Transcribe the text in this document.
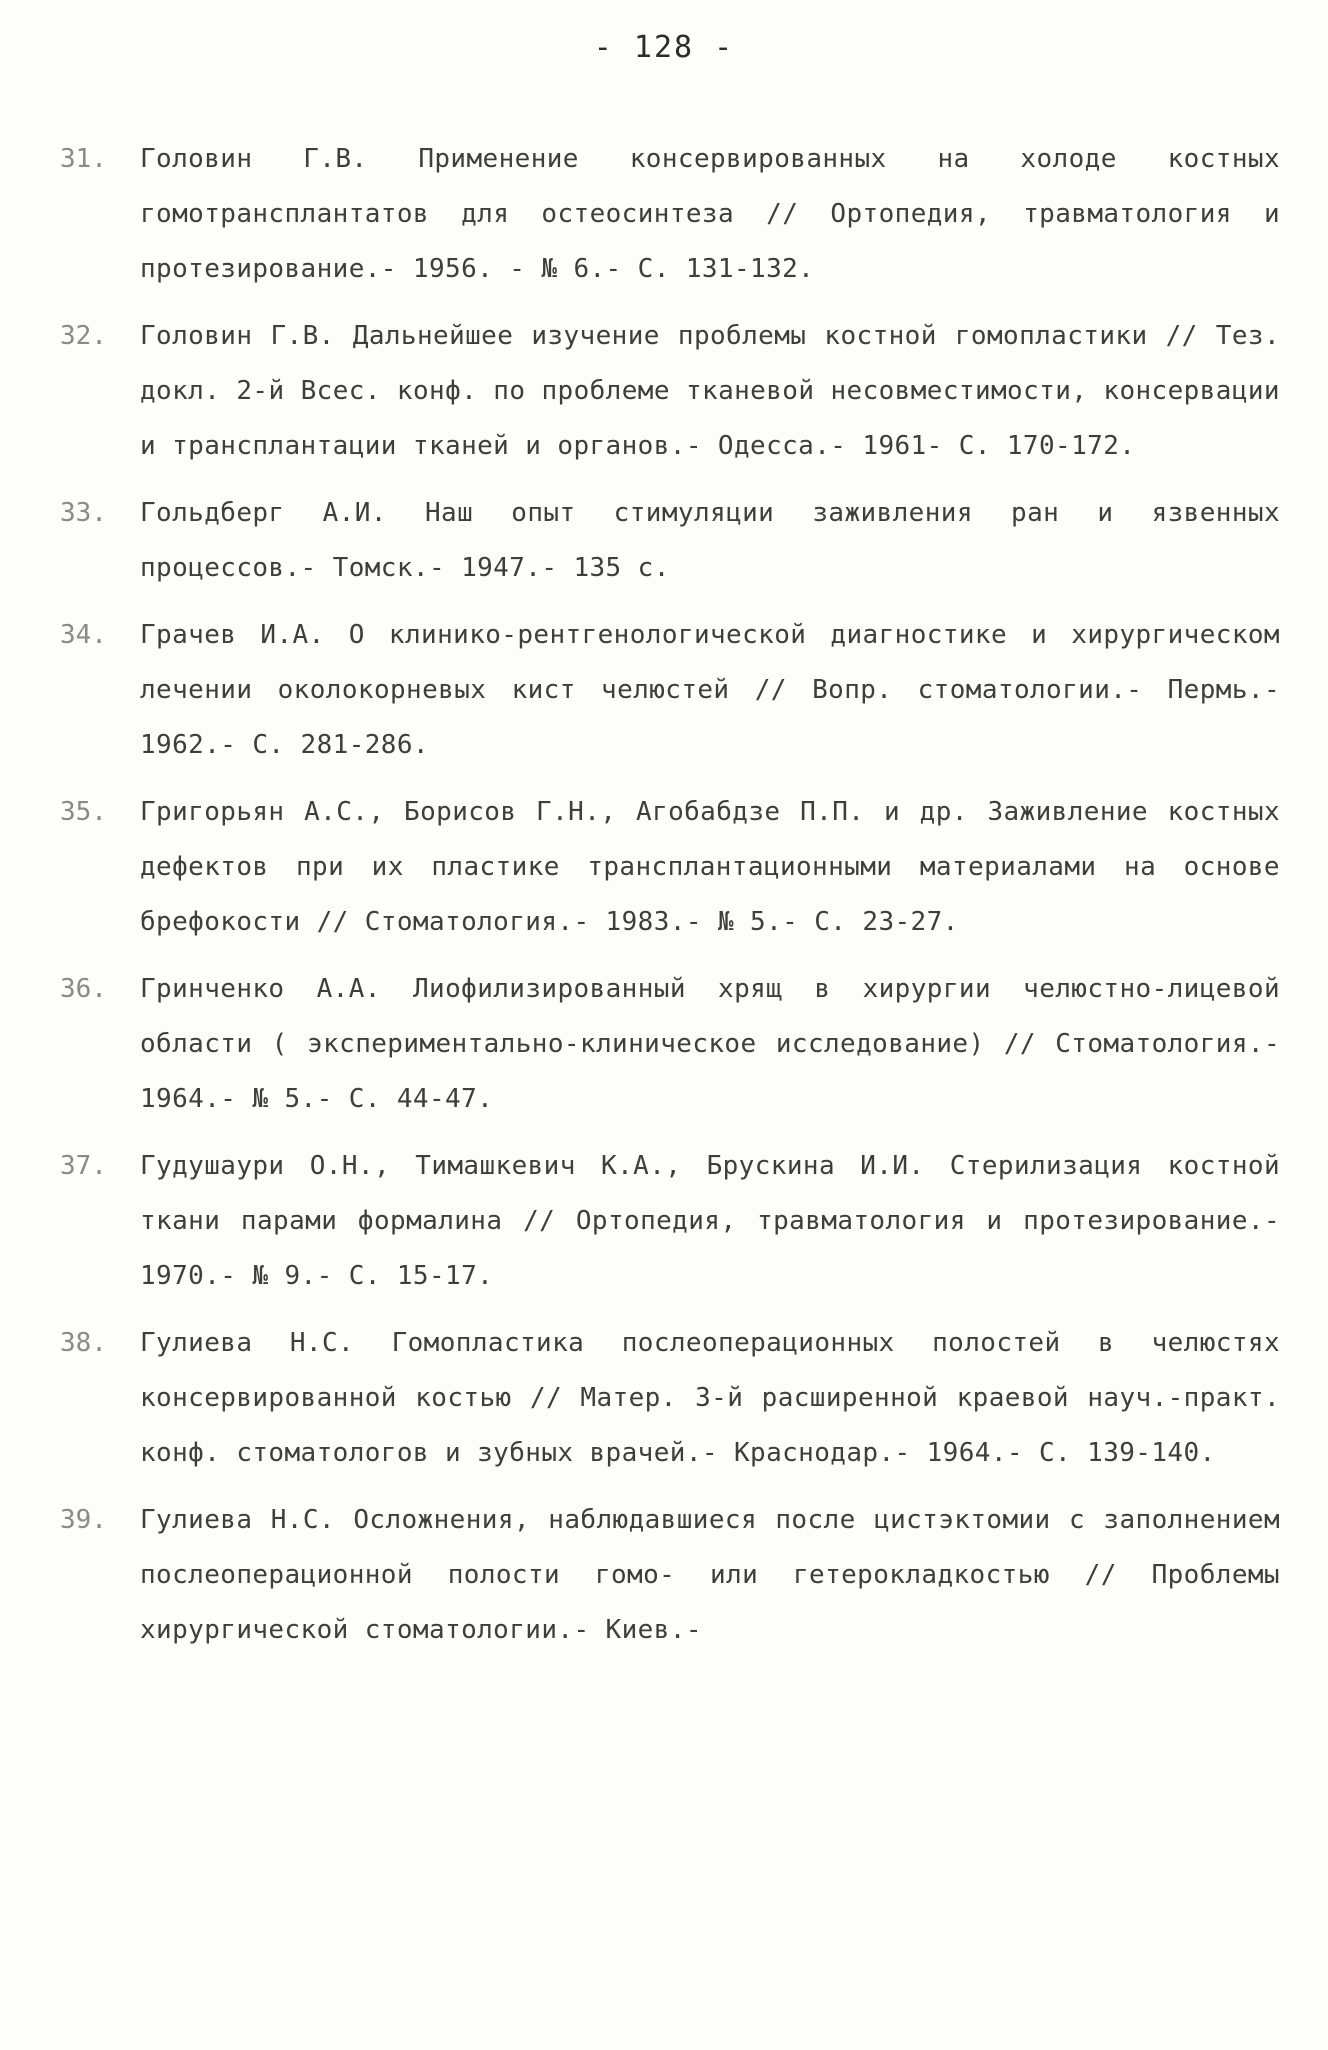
- 128 -
31.	Головин Г.В. Применение консервированных на холоде костных гомотрансплантатов для остеосинтеза // Ортопедия, травматология и протезирование.- 1956. - № 6.- С. 131-132.
32.	Головин Г.В. Дальнейшее изучение проблемы костной гомопластики // Тез. докл. 2-й Всес. конф. по проблеме тканевой несовместимости, консервации и трансплантации тканей и органов.- Одесса.- 1961- С. 170-172.
33.	Гольдберг А.И. Наш опыт стимуляции заживления ран и язвенных процессов.- Томск.- 1947.- 135 с.
34.	Грачев И.А. О клинико-рентгенологической диагностике и хирургическом лечении околокорневых кист челюстей // Вопр. стоматологии.- Пермь.- 1962.- С. 281-286.
35.	Григорьян А.С., Борисов Г.Н., Агобабдзе П.П. и др. Заживление костных дефектов при их пластике трансплантационными материалами на основе брефокости // Стоматология.- 1983.- № 5.- С. 23-27.
36.	Гринченко А.А. Лиофилизированный хрящ в хирургии челюстно-лицевой области ( экспериментально-клиническое исследование) // Стоматология.- 1964.- № 5.- С. 44-47.
37.	Гудушаури О.Н., Тимашкевич К.А., Брускина И.И. Стерилизация костной ткани парами формалина // Ортопедия, травматология и протезирование.- 1970.- № 9.- С. 15-17.
38.	Гулиева Н.С. Гомопластика послеоперационных полостей в челюстях консервированной костью // Матер. 3-й расширенной краевой науч.-практ. конф. стоматологов и зубных врачей.- Краснодар.- 1964.- С. 139-140.
39.	Гулиева Н.С. Осложнения, наблюдавшиеся после цистэктомии с заполнением послеоперационной полости гомо- или гетерокладкостью // Проблемы хирургической стоматологии.- Киев.-
